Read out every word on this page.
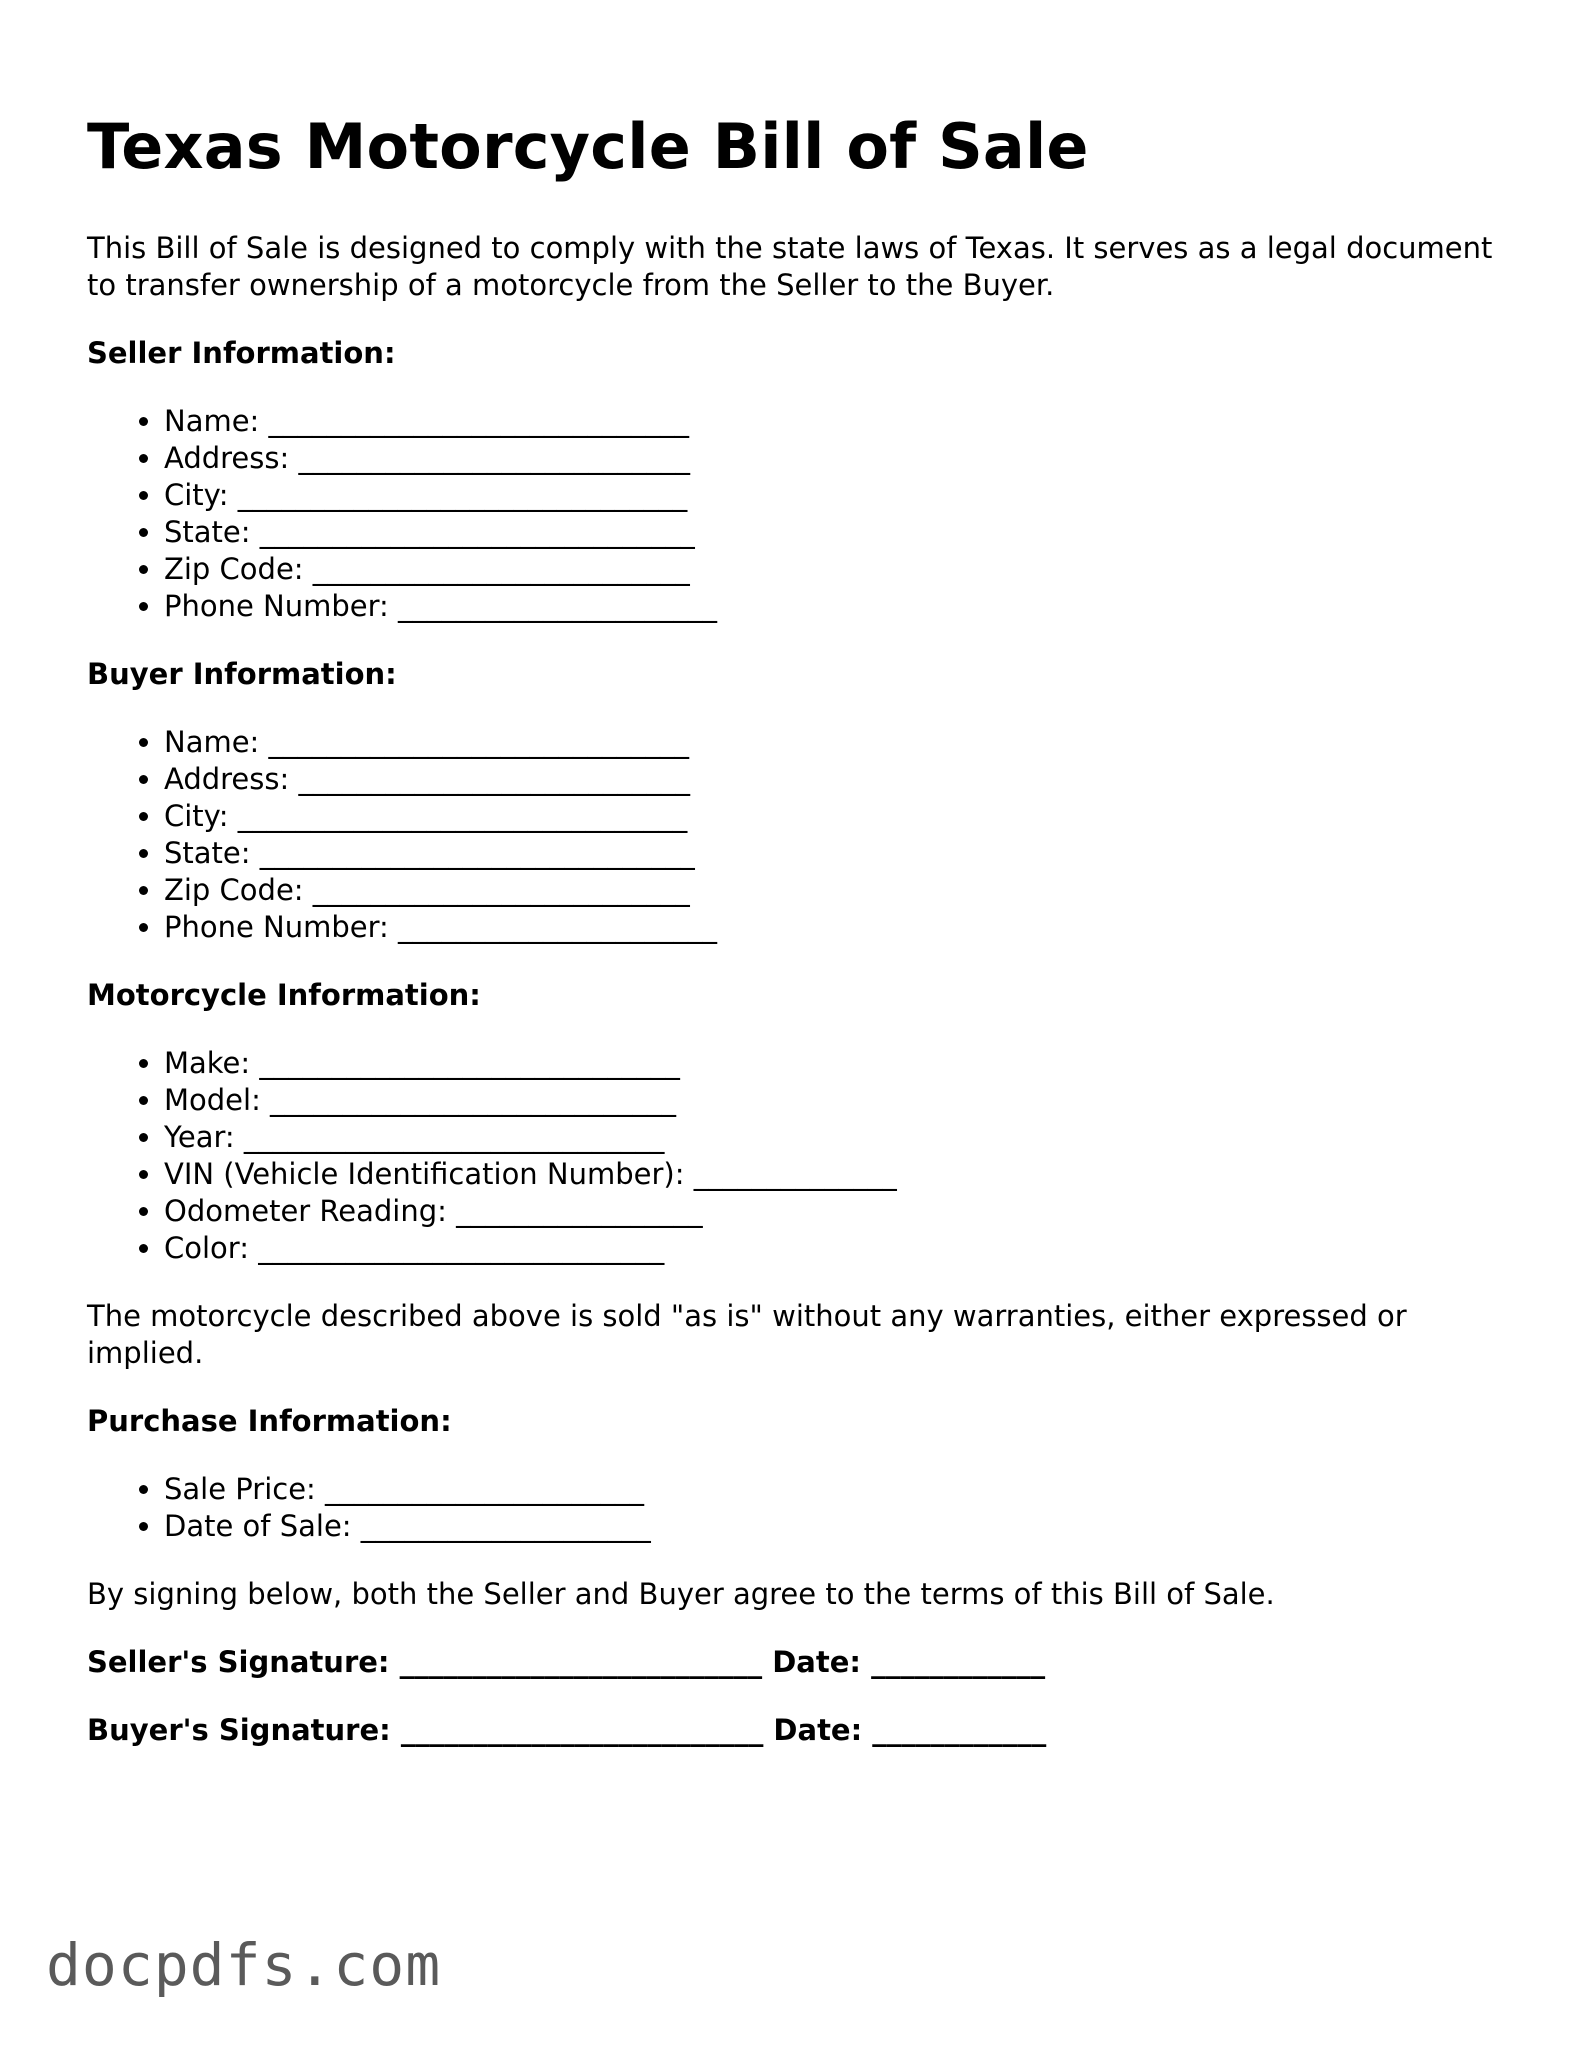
Texas Motorcycle Bill of Sale

This Bill of Sale is designed to comply with the state laws of Texas. It serves as a legal document to transfer ownership of a motorcycle from the Seller to the Buyer.

Seller Information:
• Name: _____________________________
• Address: ___________________________
• City: _______________________________
• State: ______________________________
• Zip Code: __________________________
• Phone Number: ______________________
Buyer Information:
• Name: _____________________________
• Address: ___________________________
• City: _______________________________
• State: ______________________________
• Zip Code: __________________________
• Phone Number: ______________________
Motorcycle Information:
• Make: _____________________________
• Model: ____________________________
• Year: _____________________________
• VIN (Vehicle Identification Number): ______________
• Odometer Reading: _________________
• Color: ____________________________

The motorcycle described above is sold "as is" without any warranties, either expressed or implied.

Purchase Information:
• Sale Price: ______________________
• Date of Sale: ____________________

By signing below, both the Seller and Buyer agree to the terms of this Bill of Sale.

Seller's Signature: _________________________ Date: ____________
Buyer's Signature: _________________________ Date: ____________
docpdfs.com
